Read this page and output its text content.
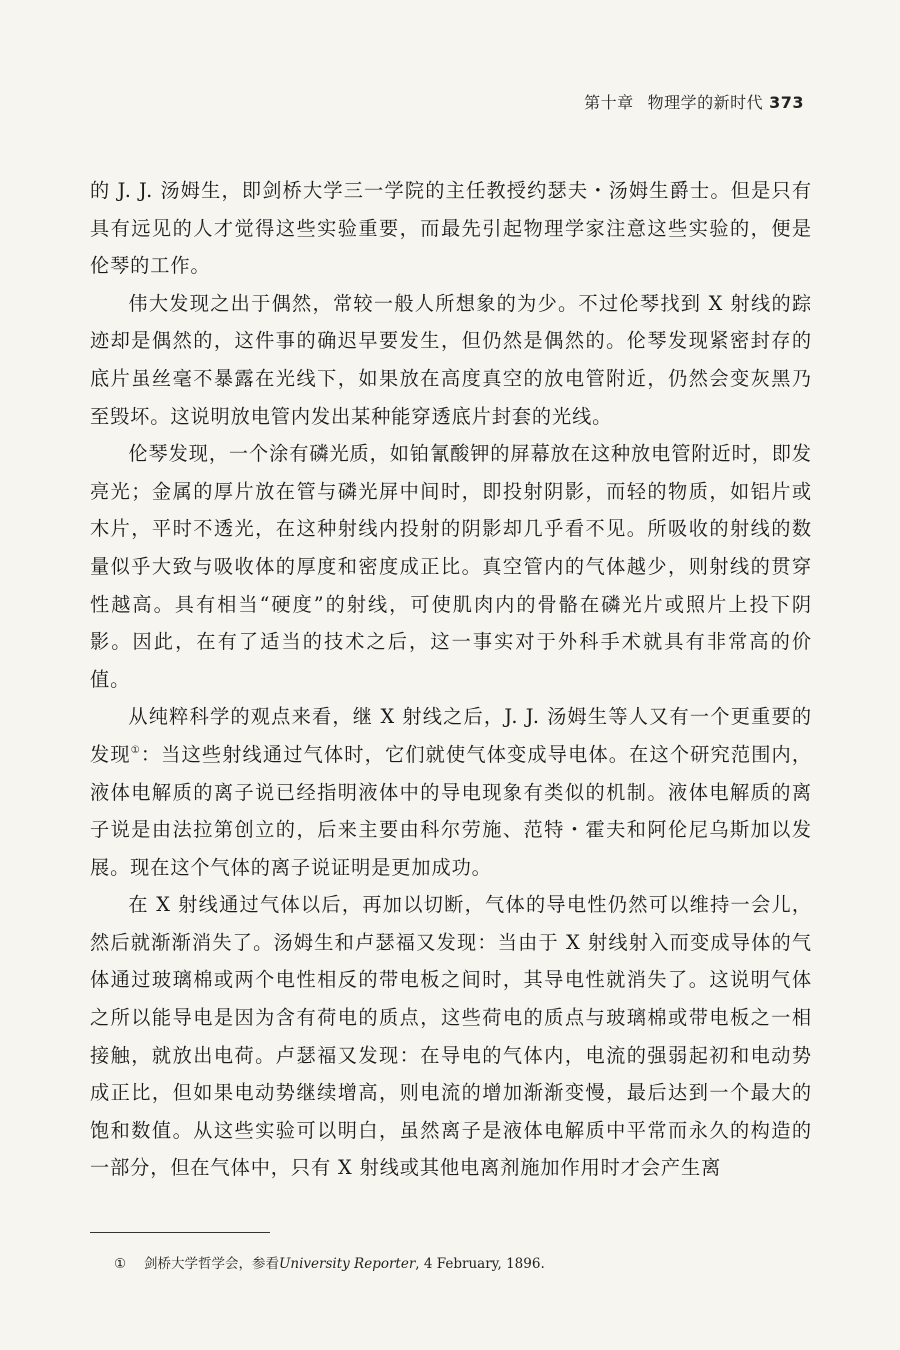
第十章 物理学的新时代 373

的 J. J. 汤姆生，即剑桥大学三一学院的主任教授约瑟夫・汤姆生爵士。但是只有具有远见的人才觉得这些实验重要，而最先引起物理学家注意这些实验的，便是伦琴的工作。

伟大发现之出于偶然，常较一般人所想象的为少。不过伦琴找到 X 射线的踪迹却是偶然的，这件事的确迟早要发生，但仍然是偶然的。伦琴发现紧密封存的底片虽丝毫不暴露在光线下，如果放在高度真空的放电管附近，仍然会变灰黑乃至毁坏。这说明放电管内发出某种能穿透底片封套的光线。

伦琴发现，一个涂有磷光质，如铂氰酸钾的屏幕放在这种放电管附近时，即发亮光；金属的厚片放在管与磷光屏中间时，即投射阴影，而轻的物质，如铝片或木片，平时不透光，在这种射线内投射的阴影却几乎看不见。所吸收的射线的数量似乎大致与吸收体的厚度和密度成正比。真空管内的气体越少，则射线的贯穿性越高。具有相当“硬度”的射线，可使肌肉内的骨骼在磷光片或照片上投下阴影。因此，在有了适当的技术之后，这一事实对于外科手术就具有非常高的价值。

从纯粹科学的观点来看，继 X 射线之后，J. J. 汤姆生等人又有一个更重要的发现①：当这些射线通过气体时，它们就使气体变成导电体。在这个研究范围内，液体电解质的离子说已经指明液体中的导电现象有类似的机制。液体电解质的离子说是由法拉第创立的，后来主要由科尔劳施、范特・霍夫和阿伦尼乌斯加以发展。现在这个气体的离子说证明是更加成功。

在 X 射线通过气体以后，再加以切断，气体的导电性仍然可以维持一会儿，然后就渐渐消失了。汤姆生和卢瑟福又发现：当由于 X 射线射入而变成导体的气体通过玻璃棉或两个电性相反的带电板之间时，其导电性就消失了。这说明气体之所以能导电是因为含有荷电的质点，这些荷电的质点与玻璃棉或带电板之一相接触，就放出电荷。卢瑟福又发现：在导电的气体内，电流的强弱起初和电动势成正比，但如果电动势继续增高，则电流的增加渐渐变慢，最后达到一个最大的饱和数值。从这些实验可以明白，虽然离子是液体电解质中平常而永久的构造的一部分，但在气体中，只有 X 射线或其他电离剂施加作用时才会产生离

① 剑桥大学哲学会，参看University Reporter, 4 February, 1896.
